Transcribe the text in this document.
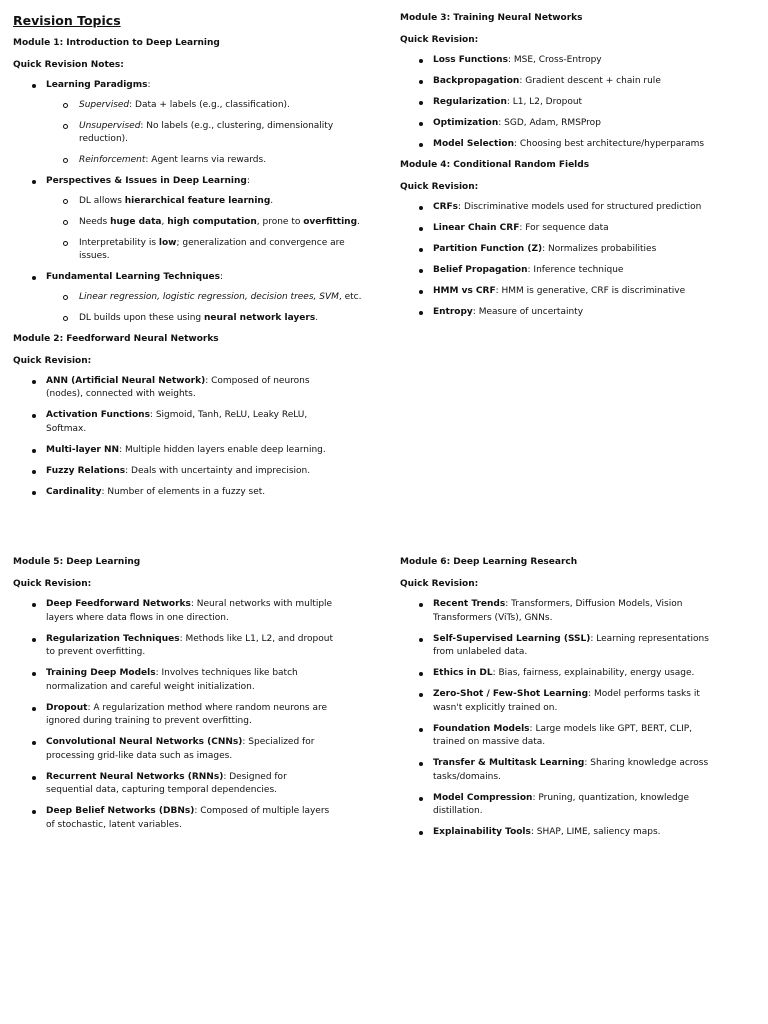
Revision Topics
Module 1: Introduction to Deep Learning
Quick Revision Notes:
Learning Paradigms:
Supervised: Data + labels (e.g., classification).
Unsupervised: No labels (e.g., clustering, dimensionality reduction).
Reinforcement: Agent learns via rewards.
Perspectives & Issues in Deep Learning:
DL allows hierarchical feature learning.
Needs huge data, high computation, prone to overfitting.
Interpretability is low; generalization and convergence are issues.
Fundamental Learning Techniques:
Linear regression, logistic regression, decision trees, SVM, etc.
DL builds upon these using neural network layers.
Module 2: Feedforward Neural Networks
Quick Revision:
ANN (Artificial Neural Network): Composed of neurons (nodes), connected with weights.
Activation Functions: Sigmoid, Tanh, ReLU, Leaky ReLU, Softmax.
Multi-layer NN: Multiple hidden layers enable deep learning.
Fuzzy Relations: Deals with uncertainty and imprecision.
Cardinality: Number of elements in a fuzzy set.
Module 3: Training Neural Networks
Quick Revision:
Loss Functions: MSE, Cross-Entropy
Backpropagation: Gradient descent + chain rule
Regularization: L1, L2, Dropout
Optimization: SGD, Adam, RMSProp
Model Selection: Choosing best architecture/hyperparams
Module 4: Conditional Random Fields
Quick Revision:
CRFs: Discriminative models used for structured prediction
Linear Chain CRF: For sequence data
Partition Function (Z): Normalizes probabilities
Belief Propagation: Inference technique
HMM vs CRF: HMM is generative, CRF is discriminative
Entropy: Measure of uncertainty
Module 5: Deep Learning
Quick Revision:
Deep Feedforward Networks: Neural networks with multiple layers where data flows in one direction.
Regularization Techniques: Methods like L1, L2, and dropout to prevent overfitting.
Training Deep Models: Involves techniques like batch normalization and careful weight initialization.
Dropout: A regularization method where random neurons are ignored during training to prevent overfitting.
Convolutional Neural Networks (CNNs): Specialized for processing grid-like data such as images.
Recurrent Neural Networks (RNNs): Designed for sequential data, capturing temporal dependencies.
Deep Belief Networks (DBNs): Composed of multiple layers of stochastic, latent variables.
Module 6: Deep Learning Research
Quick Revision:
Recent Trends: Transformers, Diffusion Models, Vision Transformers (ViTs), GNNs.
Self-Supervised Learning (SSL): Learning representations from unlabeled data.
Ethics in DL: Bias, fairness, explainability, energy usage.
Zero-Shot / Few-Shot Learning: Model performs tasks it wasn't explicitly trained on.
Foundation Models: Large models like GPT, BERT, CLIP, trained on massive data.
Transfer & Multitask Learning: Sharing knowledge across tasks/domains.
Model Compression: Pruning, quantization, knowledge distillation.
Explainability Tools: SHAP, LIME, saliency maps.
